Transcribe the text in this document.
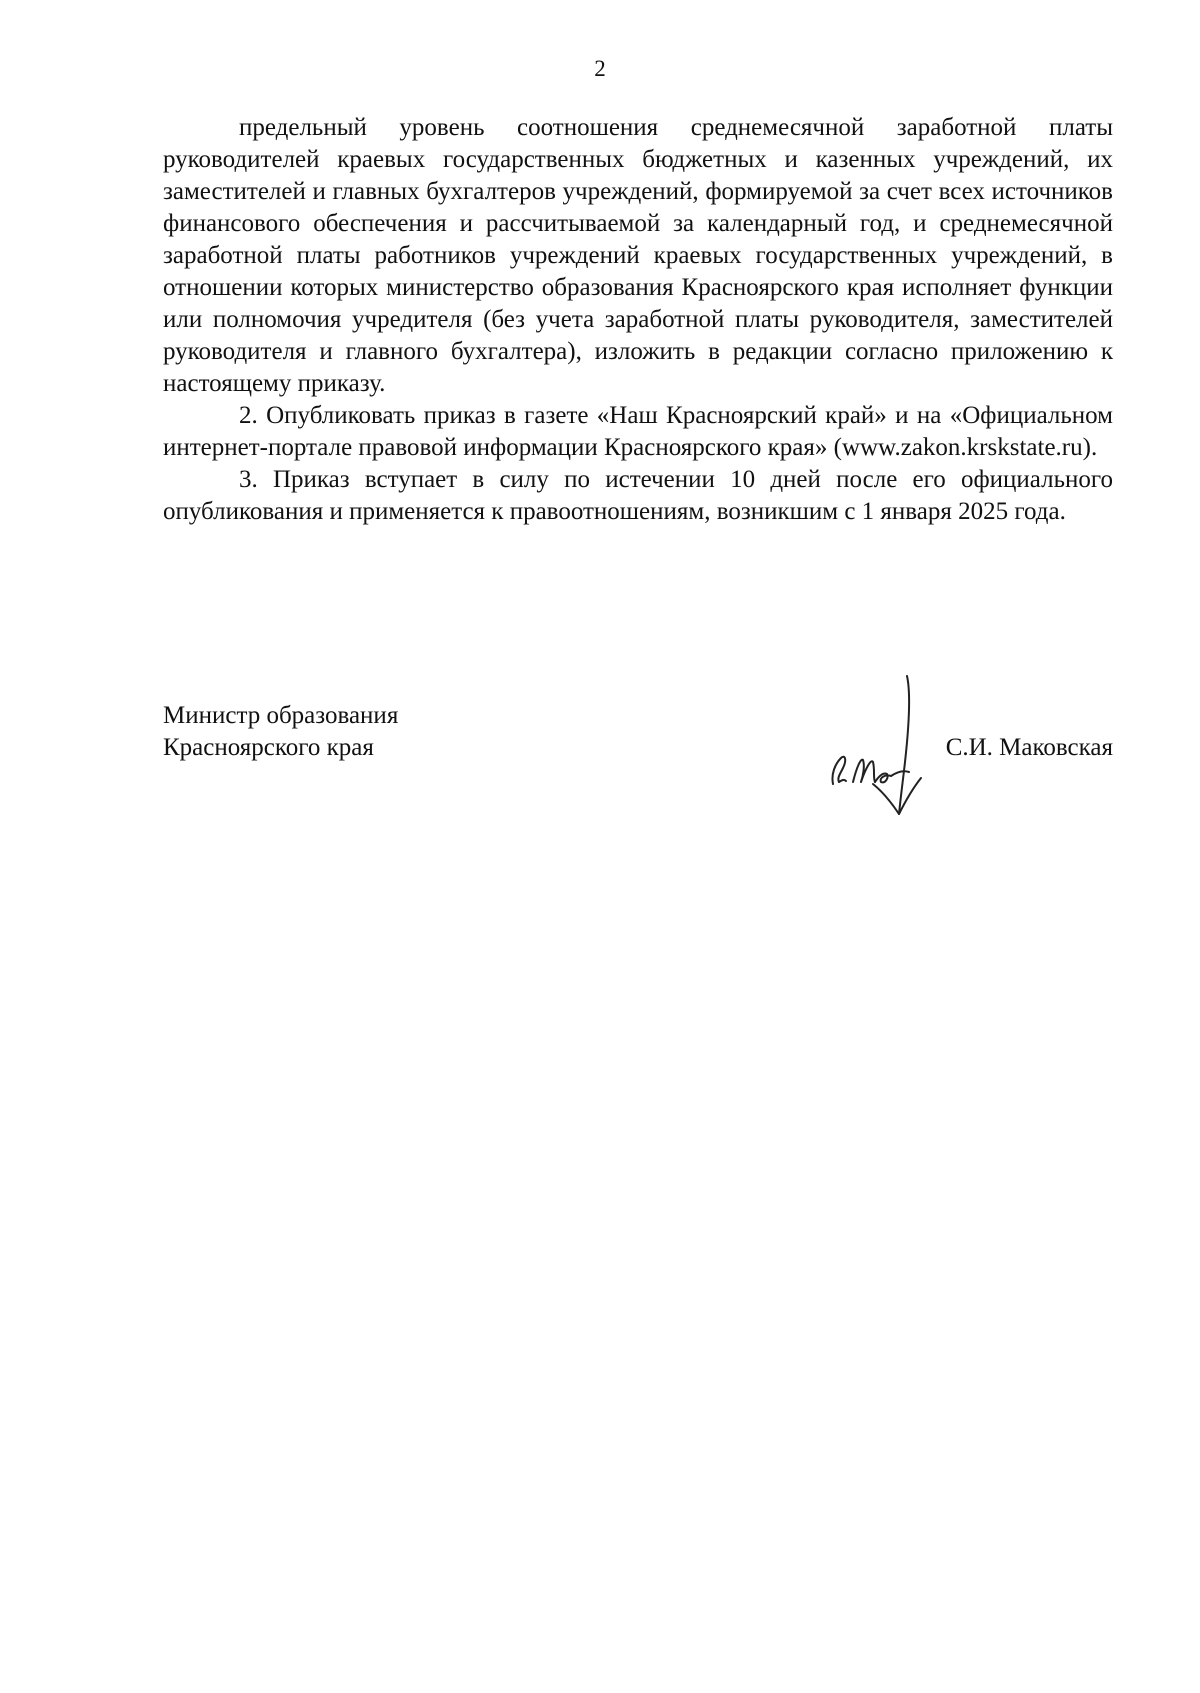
2

предельный уровень соотношения среднемесячной заработной платы руководителей краевых государственных бюджетных и казенных учреждений, их заместителей и главных бухгалтеров учреждений, формируемой за счет всех источников финансового обеспечения и рассчитываемой за календарный год, и среднемесячной заработной платы работников учреждений краевых государственных учреждений, в отношении которых министерство образования Красноярского края исполняет функции или полномочия учредителя (без учета заработной платы руководителя, заместителей руководителя и главного бухгалтера), изложить в редакции согласно приложению к настоящему приказу.

2. Опубликовать приказ в газете «Наш Красноярский край» и на «Официальном интернет-портале правовой информации Красноярского края» (www.zakon.krskstate.ru).

3. Приказ вступает в силу по истечении 10 дней после его официального опубликования и применяется к правоотношениям, возникшим с 1 января 2025 года.

Министр образования
Красноярского края	С.И. Маковская
